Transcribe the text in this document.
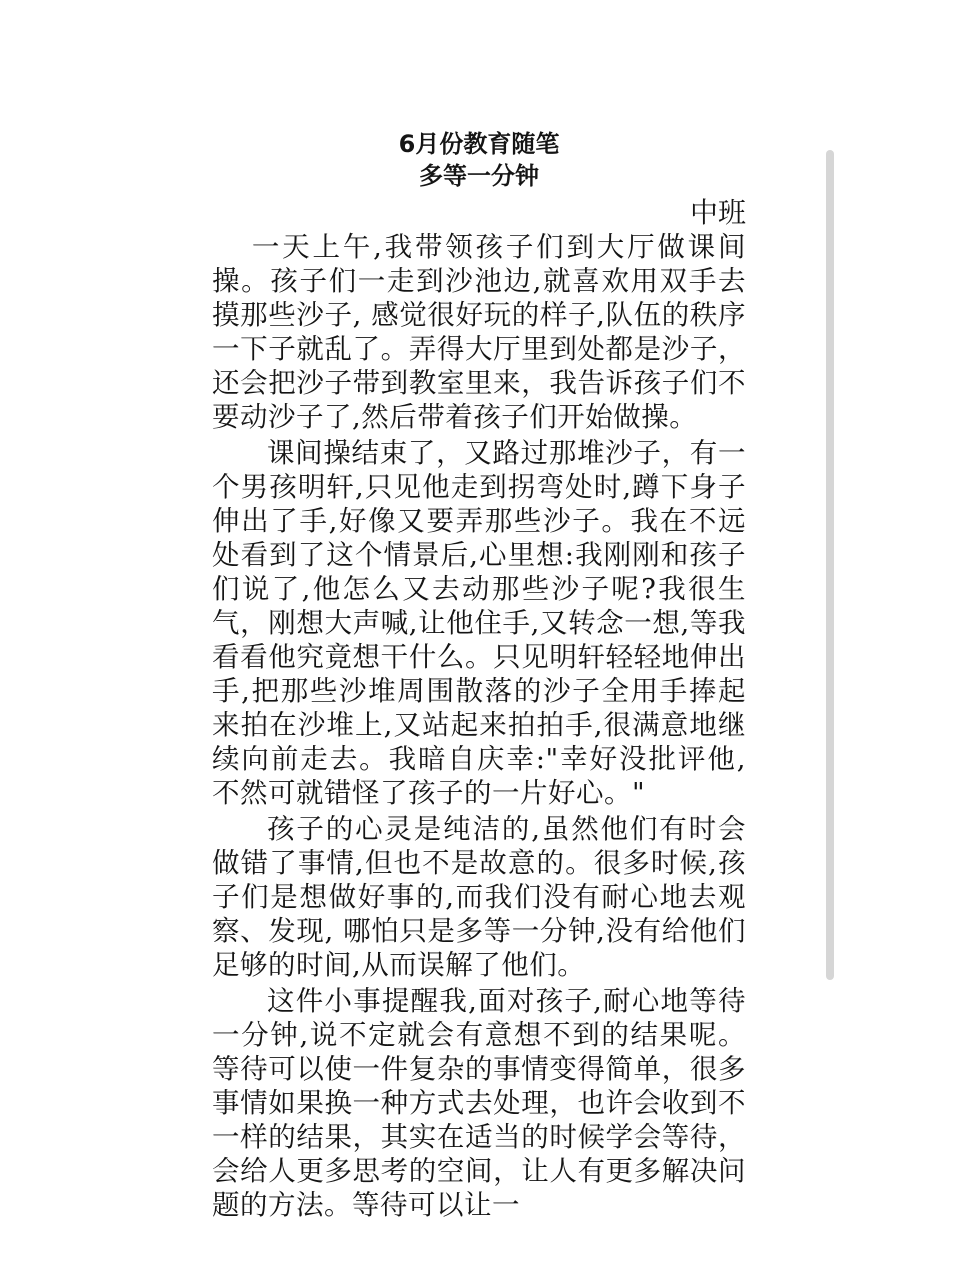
6月份教育随笔

多等一分钟

中班

一天上午,我带领孩子们到大厅做课间操。孩子们一走到沙池边,就喜欢用双手去摸那些沙子, 感觉很好玩的样子,队伍的秩序一下子就乱了。弄得大厅里到处都是沙子，还会把沙子带到教室里来，我告诉孩子们不要动沙子了,然后带着孩子们开始做操。

课间操结束了，又路过那堆沙子，有一个男孩明轩,只见他走到拐弯处时,蹲下身子伸出了手,好像又要弄那些沙子。我在不远处看到了这个情景后,心里想:我刚刚和孩子们说了,他怎么又去动那些沙子呢?我很生气，刚想大声喊,让他住手,又转念一想,等我看看他究竟想干什么。只见明轩轻轻地伸出手,把那些沙堆周围散落的沙子全用手捧起来拍在沙堆上,又站起来拍拍手,很满意地继续向前走去。我暗自庆幸:"幸好没批评他,不然可就错怪了孩子的一片好心。"

孩子的心灵是纯洁的,虽然他们有时会做错了事情,但也不是故意的。很多时候,孩子们是想做好事的,而我们没有耐心地去观察、发现, 哪怕只是多等一分钟,没有给他们足够的时间,从而误解了他们。

这件小事提醒我,面对孩子,耐心地等待一分钟,说不定就会有意想不到的结果呢。等待可以使一件复杂的事情变得简单，很多事情如果换一种方式去处理，也许会收到不一样的结果，其实在适当的时候学会等待，会给人更多思考的空间，让人有更多解决问题的方法。等待可以让一
